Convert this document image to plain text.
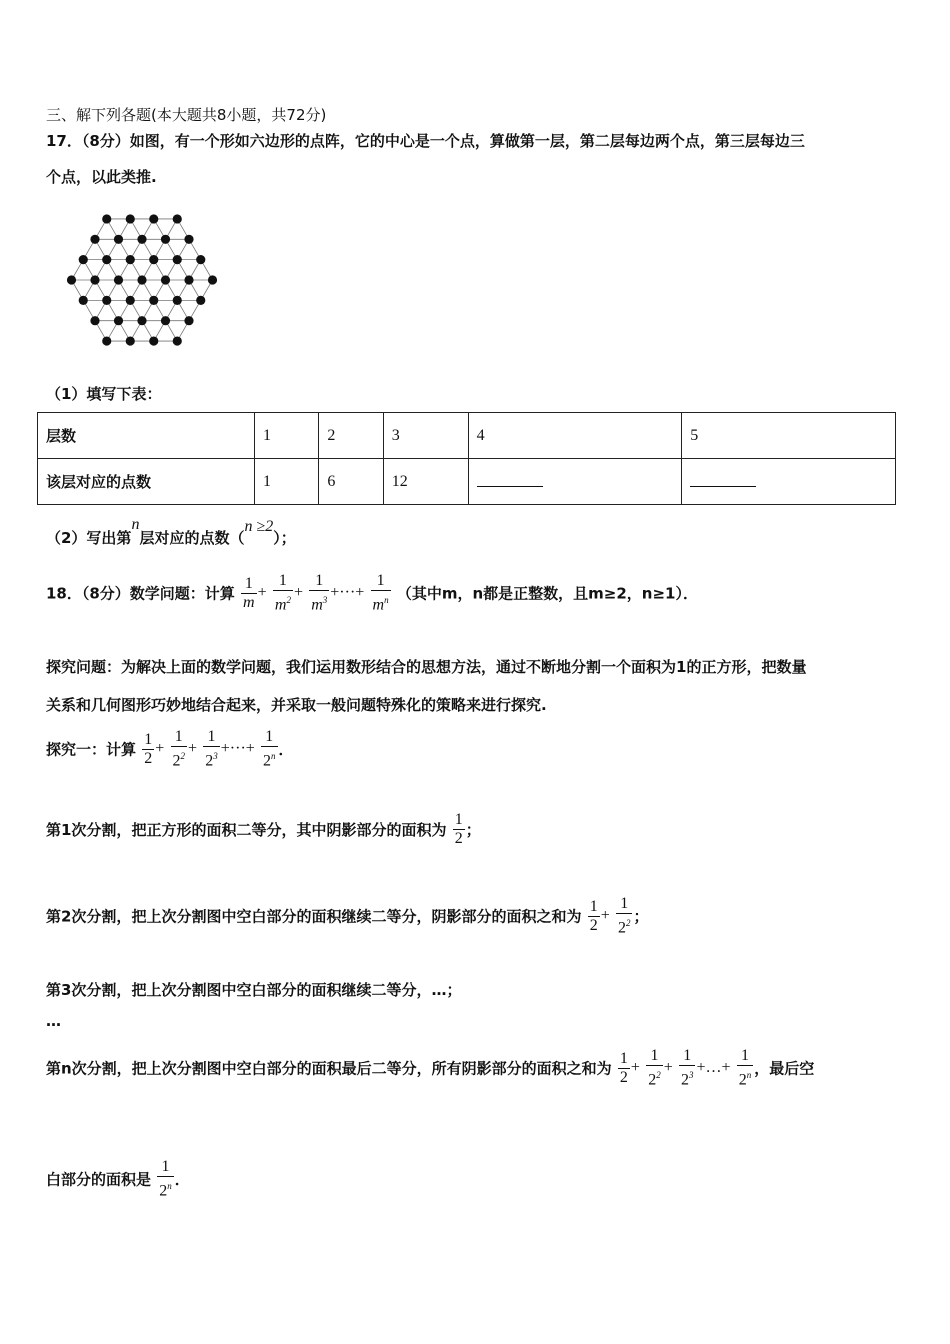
三、解下列各题(本大题共8小题，共72分)
17．（8分）如图，有一个形如六边形的点阵，它的中心是一个点，算做第一层，第二层每边两个点，第三层每边三
个点，以此类推.
（1）填写下表：
层数	1	2	3	4	5
该层对应的点数	1	6	12		
（2）写出第n层对应的点数（n ≥2）；
18．（8分）数学问题：计算 $\frac{1}{m} + \frac{1}{m^2} + \frac{1}{m^3}$ +···+ $\frac{1}{m^n}$ （其中m，n都是正整数，且m≥2，n≥1）．
探究问题：为解决上面的数学问题，我们运用数形结合的思想方法，通过不断地分割一个面积为1的正方形，把数量
关系和几何图形巧妙地结合起来，并采取一般问题特殊化的策略来进行探究.
探究一：计算 $\frac{1}{2} + \frac{1}{2^2} + \frac{1}{2^3}$ +···+ $\frac{1}{2^n}$ ．
第1次分割，把正方形的面积二等分，其中阴影部分的面积为 $\frac{1}{2}$ ；
第2次分割，把上次分割图中空白部分的面积继续二等分，阴影部分的面积之和为 $\frac{1}{2} + \frac{1}{2^2}$ ；
第3次分割，把上次分割图中空白部分的面积继续二等分，…；
…
第n次分割，把上次分割图中空白部分的面积最后二等分，所有阴影部分的面积之和为 $\frac{1}{2} + \frac{1}{2^2} + \frac{1}{2^3}$ +…+ $\frac{1}{2^n}$ ，最后空
白部分的面积是 $\frac{1}{2^n}$ ．
